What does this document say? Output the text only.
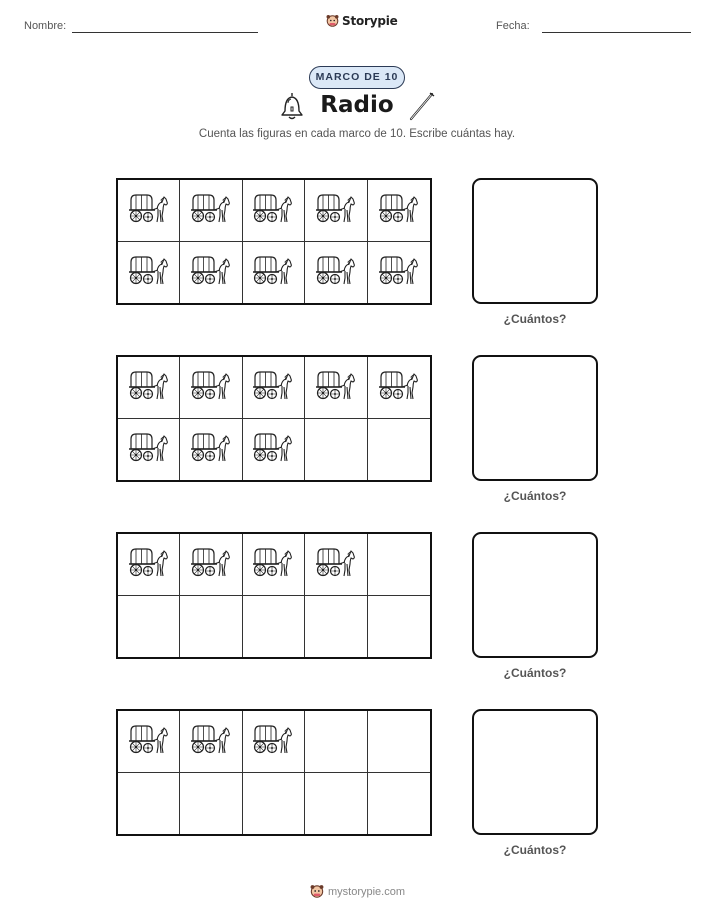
Nombre:	Storypie	Fecha:
MARCO DE 10
Radio
Cuenta las figuras en cada marco de 10. Escribe cuántas hay.
¿Cuántos?
¿Cuántos?
¿Cuántos?
¿Cuántos?
mystorypie.com
